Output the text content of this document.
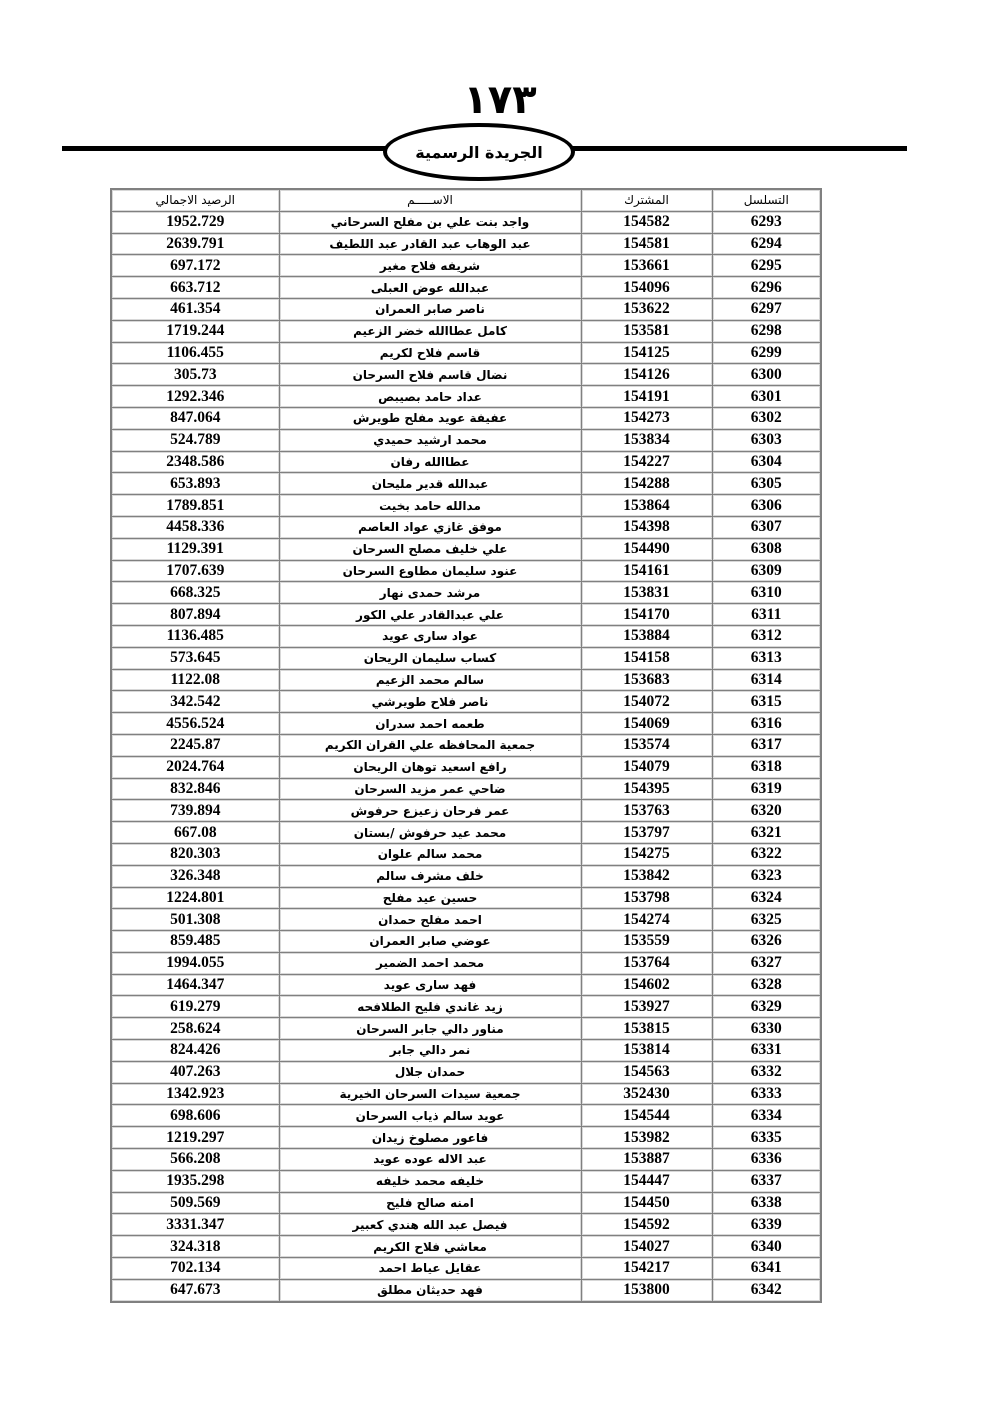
١٧٣
الجريدة الرسمية
التسلسل	المشترك	الاســـــم	الرصيد الاجمالي
6293	154582	واجد بنت علي بن مفلح السرحاني	1952.729
6294	154581	عبد الوهاب عبد القادر عبد اللطيف	2639.791
6295	153661	شريفه فلاح مغير	697.172
6296	154096	عبدالله عوض العبلى	663.712
6297	153622	ناصر صابر العمران	461.354
6298	153581	كامل عطاالله خضر الزعيم	1719.244
6299	154125	قاسم فلاح لكريم	1106.455
6300	154126	نضال قاسم فلاح السرحان	305.73
6301	154191	عداد حامد بصيبص	1292.346
6302	154273	عفيفة عويد مفلح طويرش	847.064
6303	153834	محمد ارشيد حميدي	524.789
6304	154227	عطاالله رفان	2348.586
6305	154288	عبدالله قدير مليحان	653.893
6306	153864	مدالله حامد بخيت	1789.851
6307	154398	موفق غازي عواد العاصم	4458.336
6308	154490	علي خليف مصلح السرحان	1129.391
6309	154161	عنود سليمان مطاوع السرحان	1707.639
6310	153831	مرشد حمدى نهار	668.325
6311	154170	علي عبدالقادر علي الكور	807.894
6312	153884	عواد سارى عويد	1136.485
6313	154158	كساب سليمان الريحان	573.645
6314	153683	سالم محمد الزعيم	1122.08
6315	154072	ناصر فلاح طويرشي	342.542
6316	154069	طعمه احمد سدران	4556.524
6317	153574	جمعية المحافظه علي القران الكريم	2245.87
6318	154079	رافع اسعيد توهان الريحان	2024.764
6319	154395	ضاحي عمر مزيد السرحان	832.846
6320	153763	عمر فرحان زعيزع حرفوش	739.894
6321	153797	محمد عيد حرفوش /بستان	667.08
6322	154275	محمد سالم علوان	820.303
6323	153842	خلف مشرف سالم	326.348
6324	153798	حسين عيد مفلح	1224.801
6325	154274	احمد مفلح حمدان	501.308
6326	153559	عوضي صابر العمران	859.485
6327	153764	محمد احمد الضمير	1994.055
6328	154602	فهد سارى عويد	1464.347
6329	153927	زيد غاندي فليح الطلافحه	619.279
6330	153815	مناور دالي جابر السرحان	258.624
6331	153814	نمر دالي جابر	824.426
6332	154563	حمدان جلال	407.263
6333	352430	جمعية سيدات السرحان الخيرية	1342.923
6334	154544	عويد سالم ذياب السرحان	698.606
6335	153982	فاعور مصلوخ زيدان	1219.297
6336	153887	عبد الاله عوده عويد	566.208
6337	154447	خليفه محمد خليفه	1935.298
6338	154450	امنه صالح فليح	509.569
6339	154592	فيصل عبد الله هندي كعبير	3331.347
6340	154027	معاشي فلاح الكريم	324.318
6341	154217	عقايل عياط احمد	702.134
6342	153800	فهد حديثان مطلق	647.673
